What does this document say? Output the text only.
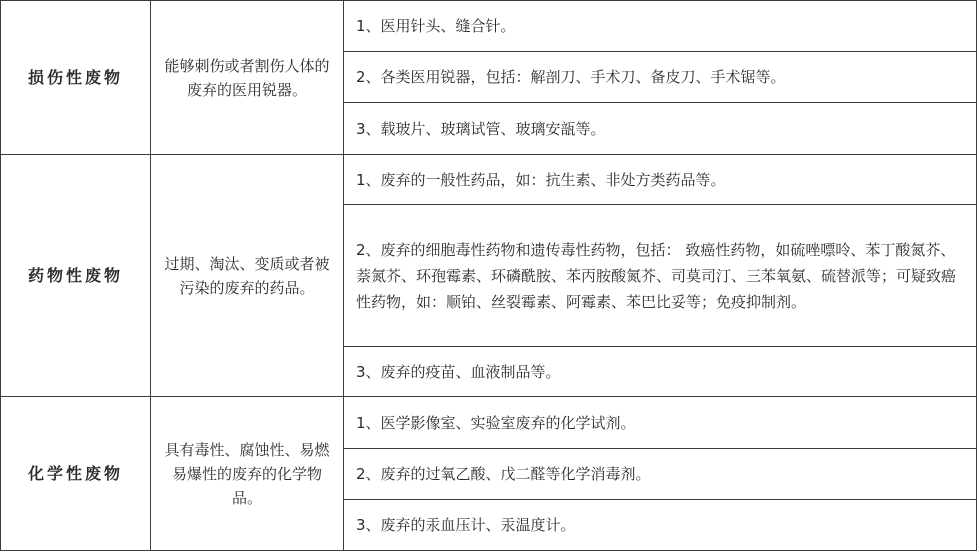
损伤性废物	能够刺伤或者割伤人体的废弃的医用锐器。	1、医用针头、缝合针。
		2、各类医用锐器，包括：解剖刀、手术刀、备皮刀、手术锯等。
		3、载玻片、玻璃试管、玻璃安瓿等。
药物性废物	过期、淘汰、变质或者被污染的废弃的药品。	1、废弃的一般性药品，如：抗生素、非处方类药品等。
		2、废弃的细胞毒性药物和遗传毒性药物，包括： 致癌性药物，如硫唑嘌呤、苯丁酸氮芥、萘氮芥、环孢霉素、环磷酰胺、苯丙胺酸氮芥、司莫司汀、三苯氧氨、硫替派等；可疑致癌性药物，如：顺铂、丝裂霉素、阿霉素、苯巴比妥等；免疫抑制剂。
		3、废弃的疫苗、血液制品等。
化学性废物	具有毒性、腐蚀性、易燃易爆性的废弃的化学物品。	1、医学影像室、实验室废弃的化学试剂。
		2、废弃的过氧乙酸、戊二醛等化学消毒剂。
		3、废弃的汞血压计、汞温度计。
